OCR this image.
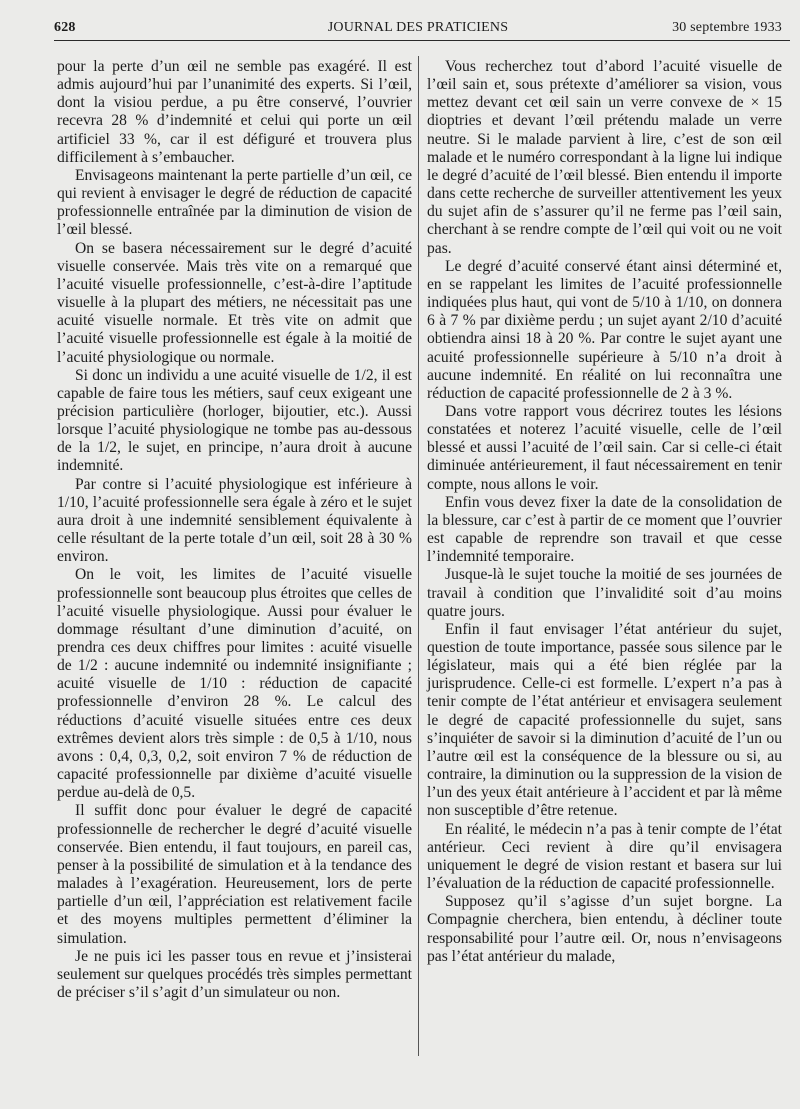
628	JOURNAL DES PRATICIENS	30 septembre 1933

pour la perte d’un œil ne semble pas exagéré. Il est admis aujourd’hui par l’unanimité des experts. Si l’œil, dont la visiou perdue, a pu être conservé, l’ouvrier recevra 28 % d’indemnité et celui qui porte un œil artificiel 33 %, car il est défiguré et trouvera plus difficilement à s’embaucher.

Envisageons maintenant la perte partielle d’un œil, ce qui revient à envisager le degré de réduction de capacité professionnelle entraînée par la diminution de vision de l’œil blessé.

On se basera nécessairement sur le degré d’acuité visuelle conservée. Mais très vite on a remarqué que l’acuité visuelle professionnelle, c’est-à-dire l’aptitude visuelle à la plupart des métiers, ne nécessitait pas une acuité visuelle normale. Et très vite on admit que l’acuité visuelle professionnelle est égale à la moitié de l’acuité physiologique ou normale.

Si donc un individu a une acuité visuelle de 1/2, il est capable de faire tous les métiers, sauf ceux exigeant une précision particulière (horloger, bijoutier, etc.). Aussi lorsque l’acuité physiologique ne tombe pas au-dessous de la 1/2, le sujet, en principe, n’aura droit à aucune indemnité.

Par contre si l’acuité physiologique est inférieure à 1/10, l’acuité professionnelle sera égale à zéro et le sujet aura droit à une indemnité sensiblement équivalente à celle résultant de la perte totale d’un œil, soit 28 à 30 % environ.

On le voit, les limites de l’acuité visuelle professionnelle sont beaucoup plus étroites que celles de l’acuité visuelle physiologique. Aussi pour évaluer le dommage résultant d’une diminution d’acuité, on prendra ces deux chiffres pour limites : acuité visuelle de 1/2 : aucune indemnité ou indemnité insignifiante ; acuité visuelle de 1/10 : réduction de capacité professionnelle d’environ 28 %. Le calcul des réductions d’acuité visuelle situées entre ces deux extrêmes devient alors très simple : de 0,5 à 1/10, nous avons : 0,4, 0,3, 0,2, soit environ 7 % de réduction de capacité professionnelle par dixième d’acuité visuelle perdue au-delà de 0,5.

Il suffit donc pour évaluer le degré de capacité professionnelle de rechercher le degré d’acuité visuelle conservée. Bien entendu, il faut toujours, en pareil cas, penser à la possibilité de simulation et à la tendance des malades à l’exagération. Heureusement, lors de perte partielle d’un œil, l’appréciation est relativement facile et des moyens multiples permettent d’éliminer la simulation.

Je ne puis ici les passer tous en revue et j’insisterai seulement sur quelques procédés très simples permettant de préciser s’il s’agit d’un simulateur ou non.

Vous recherchez tout d’abord l’acuité visuelle de l’œil sain et, sous prétexte d’améliorer sa vision, vous mettez devant cet œil sain un verre convexe de × 15 dioptries et devant l’œil prétendu malade un verre neutre. Si le malade parvient à lire, c’est de son œil malade et le numéro correspondant à la ligne lui indique le degré d’acuité de l’œil blessé. Bien entendu il importe dans cette recherche de surveiller attentivement les yeux du sujet afin de s’assurer qu’il ne ferme pas l’œil sain, cherchant à se rendre compte de l’œil qui voit ou ne voit pas.

Le degré d’acuité conservé étant ainsi déterminé et, en se rappelant les limites de l’acuité professionnelle indiquées plus haut, qui vont de 5/10 à 1/10, on donnera 6 à 7 % par dixième perdu ; un sujet ayant 2/10 d’acuité obtiendra ainsi 18 à 20 %. Par contre le sujet ayant une acuité professionnelle supérieure à 5/10 n’a droit à aucune indemnité. En réalité on lui reconnaîtra une réduction de capacité professionnelle de 2 à 3 %.

Dans votre rapport vous décrirez toutes les lésions constatées et noterez l’acuité visuelle, celle de l’œil blessé et aussi l’acuité de l’œil sain. Car si celle-ci était diminuée antérieurement, il faut nécessairement en tenir compte, nous allons le voir.

Enfin vous devez fixer la date de la consolidation de la blessure, car c’est à partir de ce moment que l’ouvrier est capable de reprendre son travail et que cesse l’indemnité temporaire.

Jusque-là le sujet touche la moitié de ses journées de travail à condition que l’invalidité soit d’au moins quatre jours.

Enfin il faut envisager l’état antérieur du sujet, question de toute importance, passée sous silence par le législateur, mais qui a été bien réglée par la jurisprudence. Celle-ci est formelle. L’expert n’a pas à tenir compte de l’état antérieur et envisagera seulement le degré de capacité professionnelle du sujet, sans s’inquiéter de savoir si la diminution d’acuité de l’un ou l’autre œil est la conséquence de la blessure ou si, au contraire, la diminution ou la suppression de la vision de l’un des yeux était antérieure à l’accident et par là même non susceptible d’être retenue.

En réalité, le médecin n’a pas à tenir compte de l’état antérieur. Ceci revient à dire qu’il envisagera uniquement le degré de vision restant et basera sur lui l’évaluation de la réduction de capacité professionnelle.

Supposez qu’il s’agisse d’un sujet borgne. La Compagnie cherchera, bien entendu, à décliner toute responsabilité pour l’autre œil. Or, nous n’envisageons pas l’état antérieur du malade,
